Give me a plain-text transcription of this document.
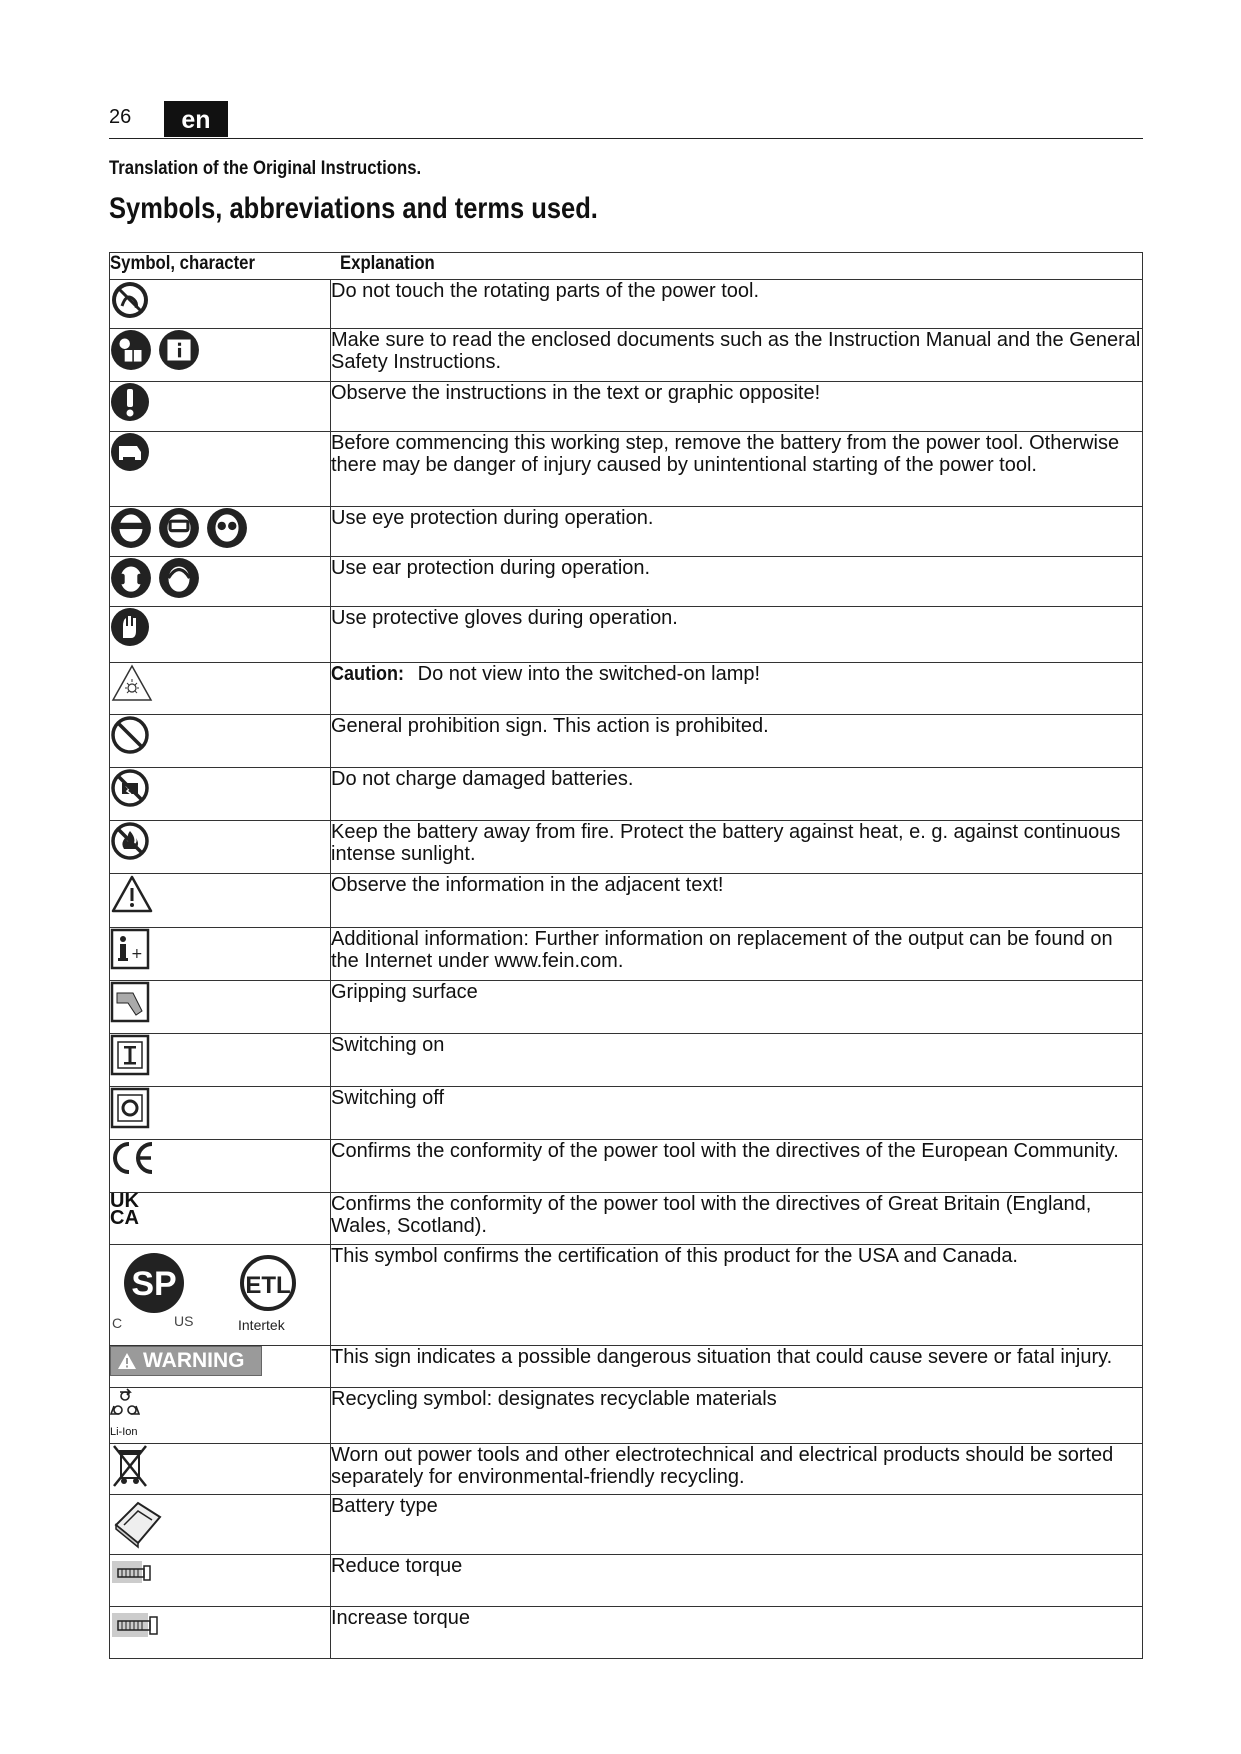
26	en
Translation of the Original Instructions.
Symbols, abbreviations and terms used.
Symbol, character Explanation	

	Do not touch the rotating parts of the power tool.

	Make sure to read the enclosed documents such as the Instruction Manual and the General Safety Instructions.

	Observe the instructions in the text or graphic opposite!

	Before commencing this working step, remove the battery from the power tool. Otherwise there may be danger of injury caused by unintentional starting of the power tool.

	Use eye protection during operation.

	Use ear protection during operation.

	Use protective gloves during operation.

	Caution: Do not view into the switched-on lamp!

	General prohibition sign. This action is prohibited.

	Do not charge damaged batteries.

	Keep the battery away from fire. Protect the battery against heat, e. g. against continuous intense sunlight.

	Observe the information in the adjacent text!

+	Additional information: Further information on replacement of the output can be found on the Internet under www.fein.com.

	Gripping surface

	Switching on

	Switching off

	Confirms the conformity of the power tool with the directives of the European Community.

UK CA	Confirms the conformity of the power tool with the directives of Great Britain (England, Wales, Scotland).

SP
C US
ETL
Intertek	This symbol confirms the certification of this product for the USA and Canada.

WARNING	This sign indicates a possible dangerous situation that could cause severe or fatal injury.

Li-Ion	Recycling symbol: designates recyclable materials

	Worn out power tools and other electrotechnical and electrical products should be sorted separately for environmental-friendly recycling.

	Battery type

	Reduce torque

	Increase torque
